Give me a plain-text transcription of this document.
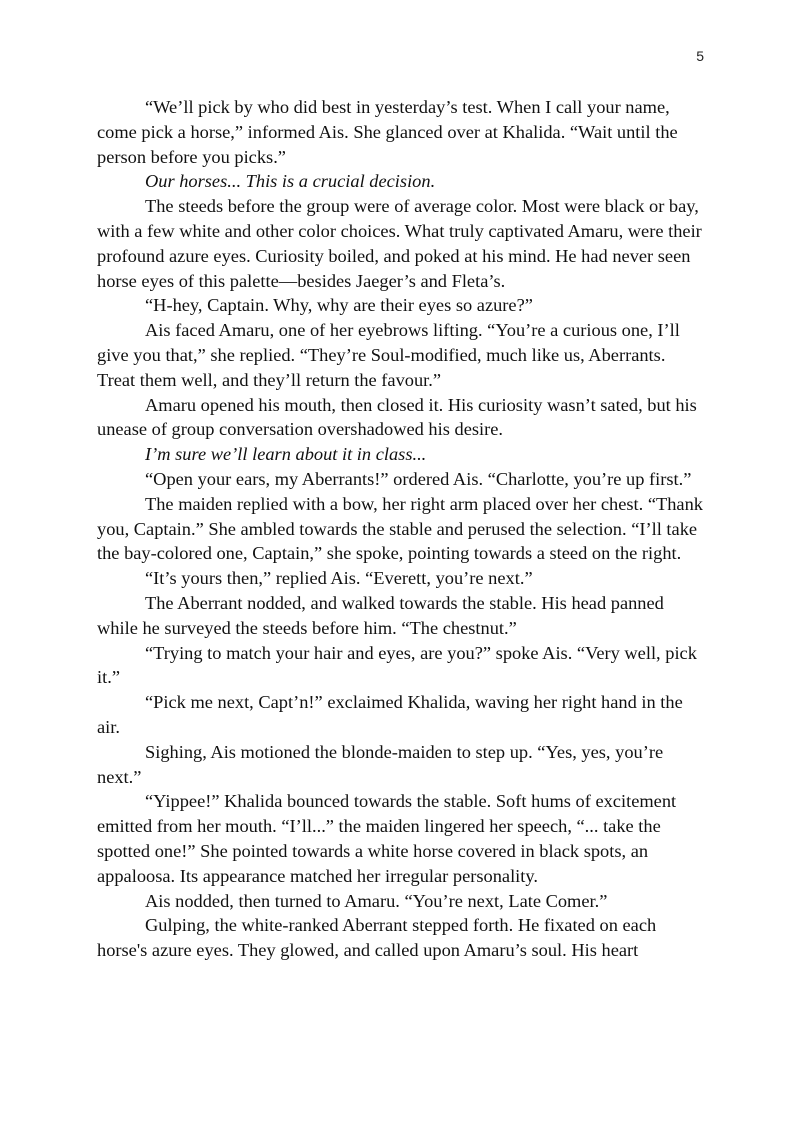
5

“We’ll pick by who did best in yesterday’s test. When I call your name, come pick a horse,” informed Ais. She glanced over at Khalida. “Wait until the person before you picks.”

Our horses... This is a crucial decision.

The steeds before the group were of average color. Most were black or bay, with a few white and other color choices. What truly captivated Amaru, were their profound azure eyes. Curiosity boiled, and poked at his mind. He had never seen horse eyes of this palette—besides Jaeger’s and Fleta’s.

“H-hey, Captain. Why, why are their eyes so azure?”

Ais faced Amaru, one of her eyebrows lifting. “You’re a curious one, I’ll give you that,” she replied. “They’re Soul-modified, much like us, Aberrants. Treat them well, and they’ll return the favour.”

Amaru opened his mouth, then closed it. His curiosity wasn’t sated, but his unease of group conversation overshadowed his desire.

I’m sure we’ll learn about it in class...

“Open your ears, my Aberrants!” ordered Ais. “Charlotte, you’re up first.”

The maiden replied with a bow, her right arm placed over her chest. “Thank you, Captain.” She ambled towards the stable and perused the selection. “I’ll take the bay-colored one, Captain,” she spoke, pointing towards a steed on the right.

“It’s yours then,” replied Ais. “Everett, you’re next.”

The Aberrant nodded, and walked towards the stable. His head panned while he surveyed the steeds before him. “The chestnut.”

“Trying to match your hair and eyes, are you?” spoke Ais. “Very well, pick it.”

“Pick me next, Capt’n!” exclaimed Khalida, waving her right hand in the air.

Sighing, Ais motioned the blonde-maiden to step up. “Yes, yes, you’re next.”

“Yippee!” Khalida bounced towards the stable. Soft hums of excitement emitted from her mouth. “I’ll...” the maiden lingered her speech, “... take the spotted one!” She pointed towards a white horse covered in black spots, an appaloosa. Its appearance matched her irregular personality.

Ais nodded, then turned to Amaru. “You’re next, Late Comer.”

Gulping, the white-ranked Aberrant stepped forth. He fixated on each horse's azure eyes. They glowed, and called upon Amaru’s soul. His heart
